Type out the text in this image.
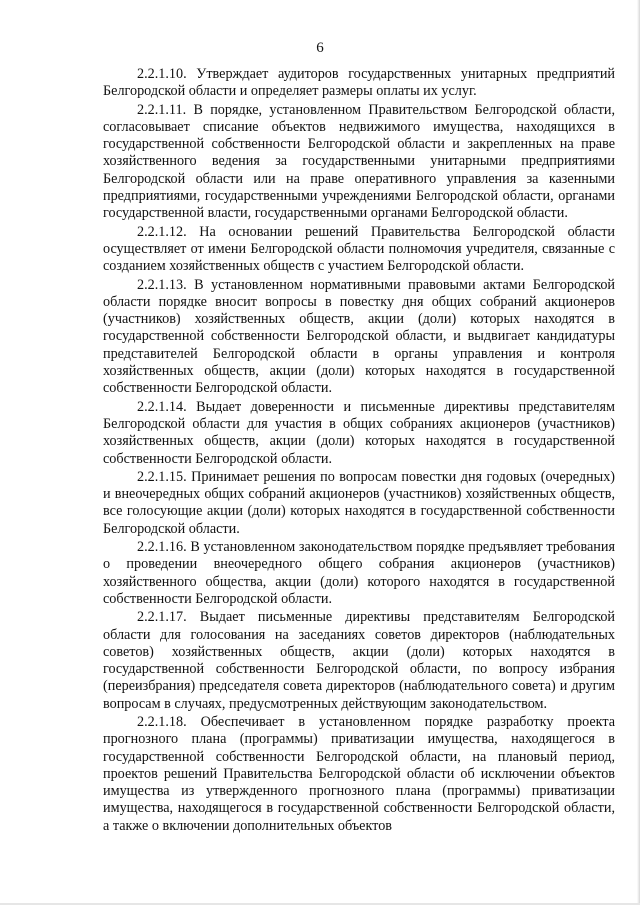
6

2.2.1.10. Утверждает аудиторов государственных унитарных предприятий Белгородской области и определяет размеры оплаты их услуг.

2.2.1.11. В порядке, установленном Правительством Белгородской области, согласовывает списание объектов недвижимого имущества, находящихся в государственной собственности Белгородской области и закрепленных на праве хозяйственного ведения за государственными унитарными предприятиями Белгородской области или на праве оперативного управления за казенными предприятиями, государственными учреждениями Белгородской области, органами государственной власти, государственными органами Белгородской области.

2.2.1.12. На основании решений Правительства Белгородской области осуществляет от имени Белгородской области полномочия учредителя, связанные с созданием хозяйственных обществ с участием Белгородской области.

2.2.1.13. В установленном нормативными правовыми актами Белгородской области порядке вносит вопросы в повестку дня общих собраний акционеров (участников) хозяйственных обществ, акции (доли) которых находятся в государственной собственности Белгородской области, и выдвигает кандидатуры представителей Белгородской области в органы управления и контроля хозяйственных обществ, акции (доли) которых находятся в государственной собственности Белгородской области.

2.2.1.14. Выдает доверенности и письменные директивы представителям Белгородской области для участия в общих собраниях акционеров (участников) хозяйственных обществ, акции (доли) которых находятся в государственной собственности Белгородской области.

2.2.1.15. Принимает решения по вопросам повестки дня годовых (очередных) и внеочередных общих собраний акционеров (участников) хозяйственных обществ, все голосующие акции (доли) которых находятся в государственной собственности Белгородской области.

2.2.1.16. В установленном законодательством порядке предъявляет требования о проведении внеочередного общего собрания акционеров (участников) хозяйственного общества, акции (доли) которого находятся в государственной собственности Белгородской области.

2.2.1.17. Выдает письменные директивы представителям Белгородской области для голосования на заседаниях советов директоров (наблюдательных советов) хозяйственных обществ, акции (доли) которых находятся в государственной собственности Белгородской области, по вопросу избрания (переизбрания) председателя совета директоров (наблюдательного совета) и другим вопросам в случаях, предусмотренных действующим законодательством.

2.2.1.18. Обеспечивает в установленном порядке разработку проекта прогнозного плана (программы) приватизации имущества, находящегося в государственной собственности Белгородской области, на плановый период, проектов решений Правительства Белгородской области об исключении объектов имущества из утвержденного прогнозного плана (программы) приватизации имущества, находящегося в государственной собственности Белгородской области, а также о включении дополнительных объектов
